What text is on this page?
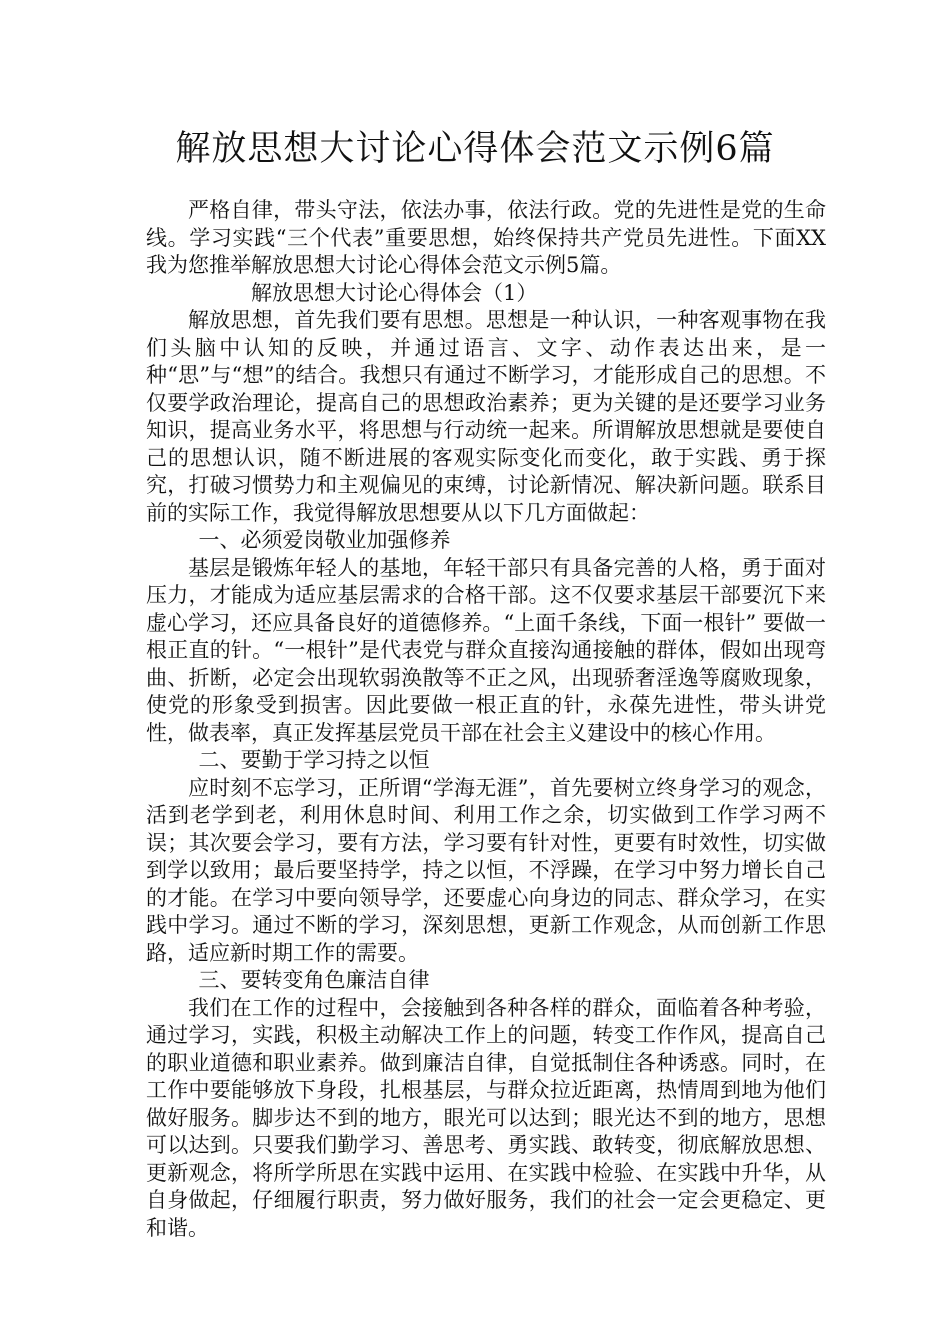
解放思想大讨论心得体会范文示例6篇

严格自律，带头守法，依法办事，依法行政。党的先进性是党的生命线。学习实践“三个代表”重要思想，始终保持共产党员先进性。下面XX我为您推举解放思想大讨论心得体会范文示例5篇。

解放思想大讨论心得体会（1）

解放思想，首先我们要有思想。思想是一种认识，一种客观事物在我们头脑中认知的反映，并通过语言、文字、动作表达出来，是一种“思”与“想”的结合。我想只有通过不断学习，才能形成自己的思想。不仅要学政治理论，提高自己的思想政治素养；更为关键的是还要学习业务知识，提高业务水平，将思想与行动统一起来。所谓解放思想就是要使自己的思想认识，随不断进展的客观实际变化而变化，敢于实践、勇于探究，打破习惯势力和主观偏见的束缚，讨论新情况、解决新问题。联系目前的实际工作，我觉得解放思想要从以下几方面做起：

一、必须爱岗敬业加强修养

基层是锻炼年轻人的基地，年轻干部只有具备完善的人格，勇于面对压力，才能成为适应基层需求的合格干部。这不仅要求基层干部要沉下来虚心学习，还应具备良好的道德修养。“上面千条线，下面一根针” 要做一根正直的针。“一根针”是代表党与群众直接沟通接触的群体，假如出现弯曲、折断，必定会出现软弱涣散等不正之风，出现骄奢淫逸等腐败现象，使党的形象受到损害。因此要做一根正直的针，永葆先进性，带头讲党性，做表率，真正发挥基层党员干部在社会主义建设中的核心作用。

二、要勤于学习持之以恒

应时刻不忘学习，正所谓“学海无涯”，首先要树立终身学习的观念，活到老学到老，利用休息时间、利用工作之余，切实做到工作学习两不误；其次要会学习，要有方法，学习要有针对性，更要有时效性，切实做到学以致用；最后要坚持学，持之以恒，不浮躁，在学习中努力增长自己的才能。在学习中要向领导学，还要虚心向身边的同志、群众学习，在实践中学习。通过不断的学习，深刻思想，更新工作观念，从而创新工作思路，适应新时期工作的需要。

三、要转变角色廉洁自律

我们在工作的过程中，会接触到各种各样的群众，面临着各种考验，通过学习，实践，积极主动解决工作上的问题，转变工作作风，提高自己的职业道德和职业素养。做到廉洁自律，自觉抵制住各种诱惑。同时，在工作中要能够放下身段，扎根基层，与群众拉近距离，热情周到地为他们做好服务。脚步达不到的地方，眼光可以达到；眼光达不到的地方，思想可以达到。只要我们勤学习、善思考、勇实践、敢转变，彻底解放思想、更新观念，将所学所思在实践中运用、在实践中检验、在实践中升华，从自身做起，仔细履行职责，努力做好服务，我们的社会一定会更稳定、更和谐。
